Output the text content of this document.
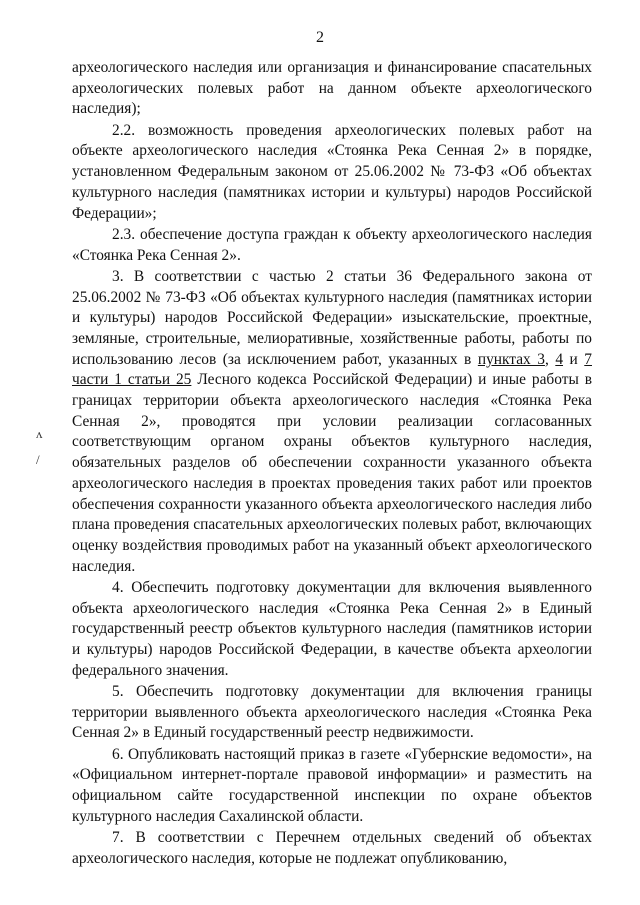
2
ᴧ
/

археологического наследия или организация и финансирование спасательных археологических полевых работ на данном объекте археологического наследия);

2.2. возможность проведения археологических полевых работ на объекте археологического наследия «Стоянка Река Сенная 2» в порядке, установленном Федеральным законом от 25.06.2002 № 73-ФЗ «Об объектах культурного наследия (памятниках истории и культуры) народов Российской Федерации»;

2.3. обеспечение доступа граждан к объекту археологического наследия «Стоянка Река Сенная 2».

3. В соответствии с частью 2 статьи 36 Федерального закона от 25.06.2002 № 73-ФЗ «Об объектах культурного наследия (памятниках истории и культуры) народов Российской Федерации» изыскательские, проектные, земляные, строительные, мелиоративные, хозяйственные работы, работы по использованию лесов (за исключением работ, указанных в пунктах 3, 4 и 7 части 1 статьи 25 Лесного кодекса Российской Федерации) и иные работы в границах территории объекта археологического наследия «Стоянка Река Сенная 2», проводятся при условии реализации согласованных соответствующим органом охраны объектов культурного наследия, обязательных разделов об обеспечении сохранности указанного объекта археологического наследия в проектах проведения таких работ или проектов обеспечения сохранности указанного объекта археологического наследия либо плана проведения спасательных археологических полевых работ, включающих оценку воздействия проводимых работ на указанный объект археологического наследия.

4. Обеспечить подготовку документации для включения выявленного объекта археологического наследия «Стоянка Река Сенная 2» в Единый государственный реестр объектов культурного наследия (памятников истории и культуры) народов Российской Федерации, в качестве объекта археологии федерального значения.

5. Обеспечить подготовку документации для включения границы территории выявленного объекта археологического наследия «Стоянка Река Сенная 2» в Единый государственный реестр недвижимости.

6. Опубликовать настоящий приказ в газете «Губернские ведомости», на «Официальном интернет-портале правовой информации» и разместить на официальном сайте государственной инспекции по охране объектов культурного наследия Сахалинской области.

7. В соответствии с Перечнем отдельных сведений об объектах археологического наследия, которые не подлежат опубликованию,
